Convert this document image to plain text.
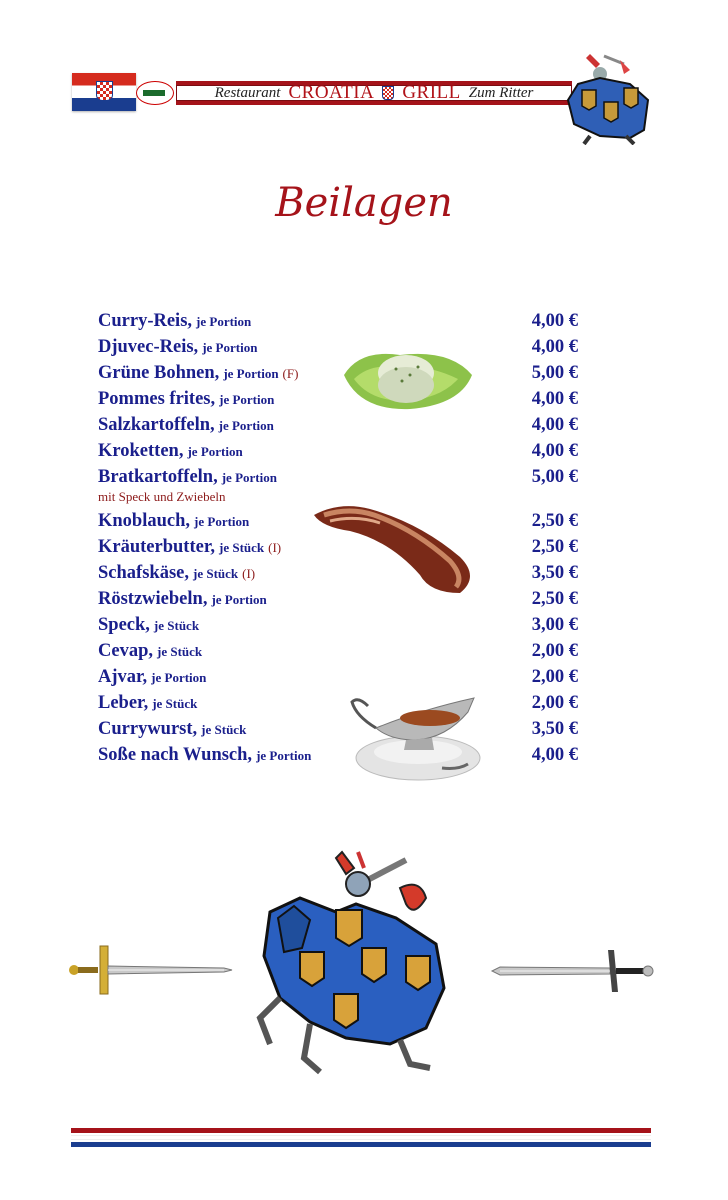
Restaurant CROATIA GRILL Zum Ritter
Beilagen
Curry-Reis, je Portion	4,00 €
Djuvec-Reis, je Portion	4,00 €
Grüne Bohnen, je Portion (F)	5,00 €
Pommes frites, je Portion	4,00 €
Salzkartoffeln, je Portion	4,00 €
Kroketten, je Portion	4,00 €
Bratkartoffeln, je Portion	5,00 €
mit Speck und Zwiebeln
Knoblauch, je Portion	2,50 €
Kräuterbutter, je Stück (I)	2,50 €
Schafskäse, je Stück (I)	3,50 €
Röstzwiebeln, je Portion	2,50 €
Speck, je Stück	3,00 €
Cevap, je Stück	2,00 €
Ajvar, je Portion	2,00 €
Leber, je Stück	2,00 €
Currywurst, je Stück	3,50 €
Soße nach Wunsch, je Portion	4,00 €
